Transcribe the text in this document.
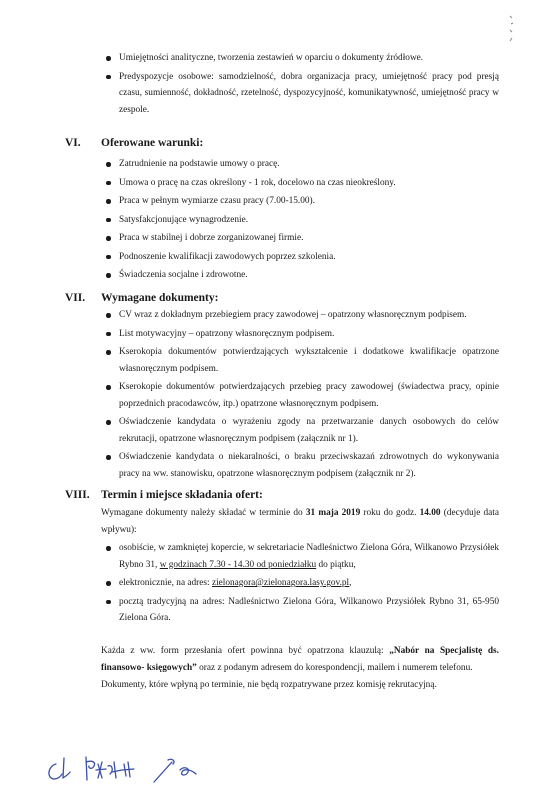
Umiejętności analityczne, tworzenia zestawień w oparciu o dokumenty źródłowe.
Predyspozycje osobowe: samodzielność, dobra organizacja pracy, umiejętność pracy pod presją czasu, sumienność, dokładność, rzetelność, dyspozycyjność, komunikatywność, umiejętność pracy w zespole.
VI. Oferowane warunki:
Zatrudnienie na podstawie umowy o pracę.
Umowa o pracę na czas określony - 1 rok, docelowo na czas nieokreślony.
Praca w pełnym wymiarze czasu pracy (7.00-15.00).
Satysfakcjonujące wynagrodzenie.
Praca w stabilnej i dobrze zorganizowanej firmie.
Podnoszenie kwalifikacji zawodowych poprzez szkolenia.
Świadczenia socjalne i zdrowotne.
VII. Wymagane dokumenty:
CV wraz z dokładnym przebiegiem pracy zawodowej – opatrzony własnoręcznym podpisem.
List motywacyjny – opatrzony własnoręcznym podpisem.
Kserokopia dokumentów potwierdzających wykształcenie i dodatkowe kwalifikacje opatrzone własnoręcznym podpisem.
Kserokopie dokumentów potwierdzających przebieg pracy zawodowej (świadectwa pracy, opinie poprzednich pracodawców, itp.) opatrzone własnoręcznym podpisem.
Oświadczenie kandydata o wyrażeniu zgody na przetwarzanie danych osobowych do celów rekrutacji, opatrzone własnoręcznym podpisem (załącznik nr 1).
Oświadczenie kandydata o niekaralności, o braku przeciwskazań zdrowotnych do wykonywania pracy na ww. stanowisku, opatrzone własnoręcznym podpisem (załącznik nr 2).
VIII. Termin i miejsce składania ofert:
Wymagane dokumenty należy składać w terminie do 31 maja 2019 roku do godz. 14.00 (decyduje data wpływu):
osobiście, w zamkniętej kopercie, w sekretariacie Nadleśnictwo Zielona Góra, Wilkanowo Przysiółek Rybno 31, w godzinach 7.30 - 14.30 od poniedziałku do piątku,
elektronicznie, na adres: zielonagora@zielonagora.lasy.gov.pl,
pocztą tradycyjną na adres: Nadleśnictwo Zielona Góra, Wilkanowo Przysiółek Rybno 31, 65-950 Zielona Góra.
Każda z ww. form przesłania ofert powinna być opatrzona klauzulą: „Nabór na Specjalistę ds. finansowo- księgowych” oraz z podanym adresem do korespondencji, mailem i numerem telefonu.
Dokumenty, które wpłyną po terminie, nie będą rozpatrywane przez komisję rekrutacyjną.
